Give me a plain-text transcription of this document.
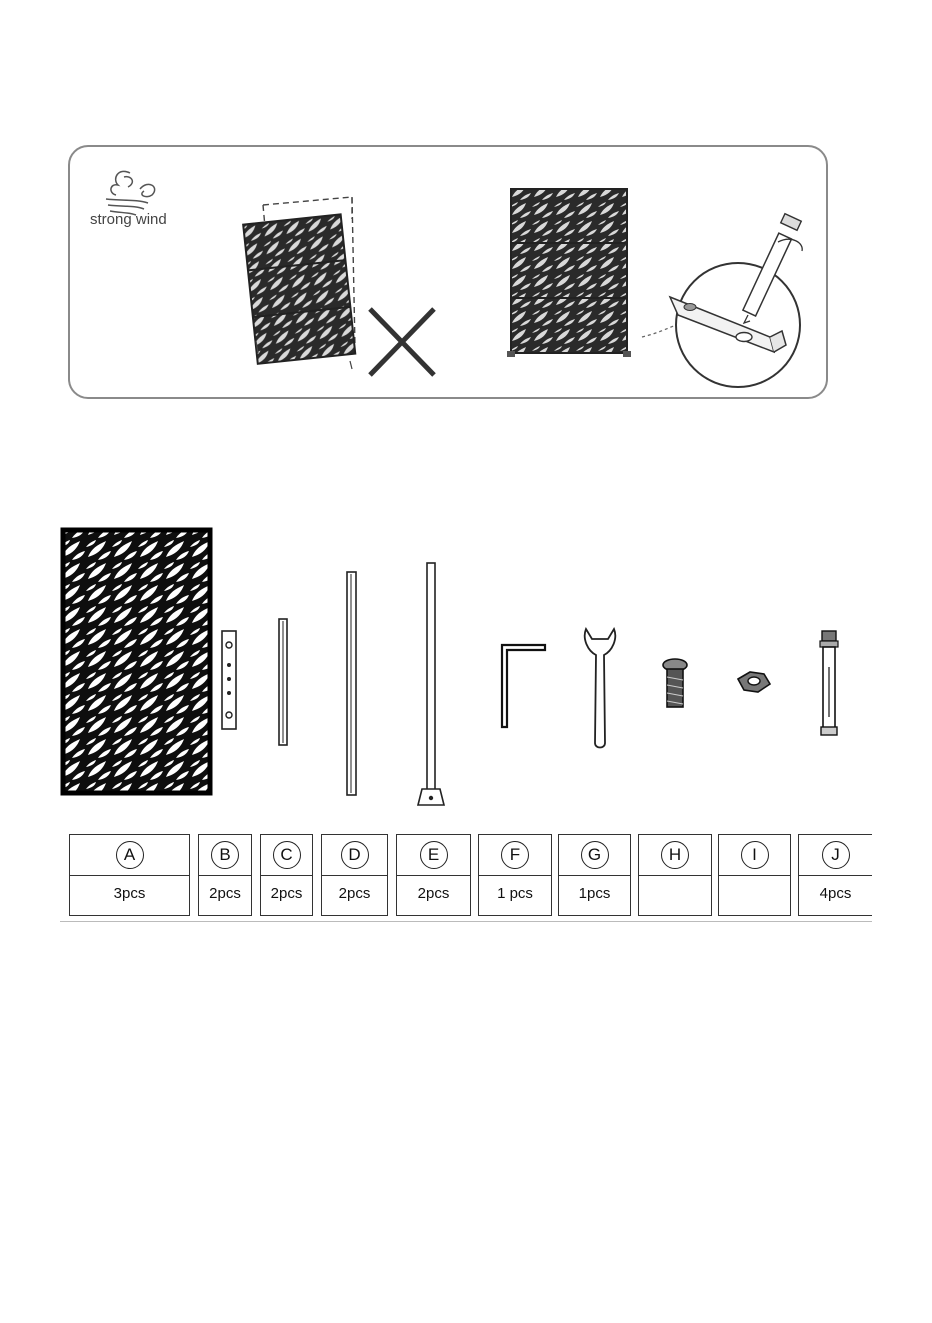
strong wind
A
3pcs
B
2pcs
C
2pcs
D
2pcs
E
2pcs
F
1 pcs
G
1pcs
H	I	J
4pcs
